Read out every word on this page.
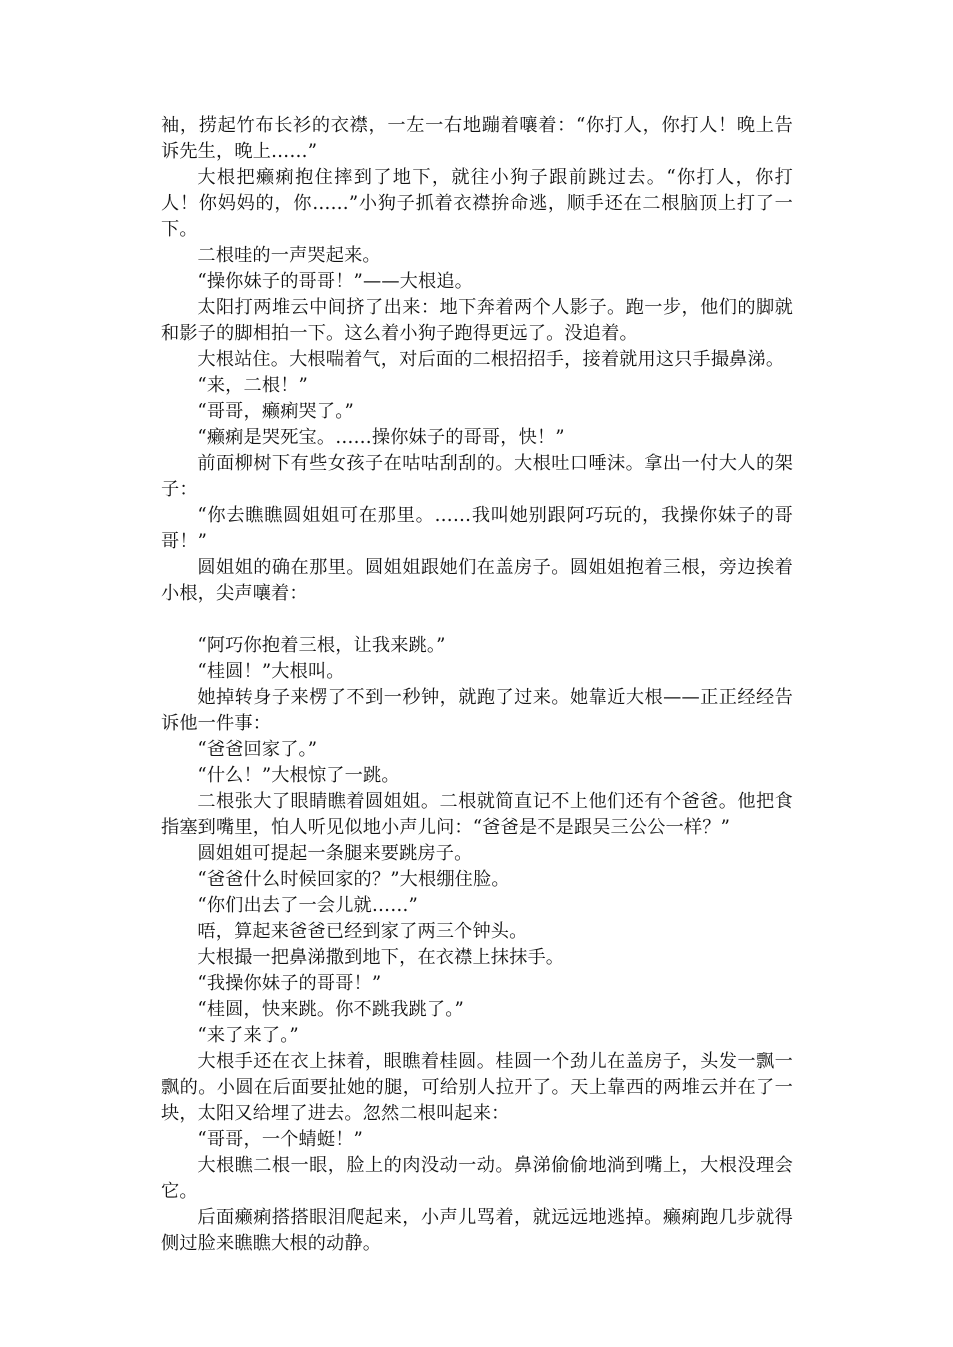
袖，捞起竹布长衫的衣襟，一左一右地蹦着嚷着：“你打人，你打人！晚上告诉先生，晚上……”

大根把癞痢抱住摔到了地下，就往小狗子跟前跳过去。“你打人，你打人！你妈妈的，你……”小狗子抓着衣襟拚命逃，顺手还在二根脑顶上打了一下。

二根哇的一声哭起来。

“操你妹子的哥哥！”——大根追。

太阳打两堆云中间挤了出来：地下奔着两个人影子。跑一步，他们的脚就和影子的脚相拍一下。这么着小狗子跑得更远了。没追着。

大根站住。大根喘着气，对后面的二根招招手，接着就用这只手撮鼻涕。

“来，二根！”

“哥哥，癞痢哭了。”

“癞痢是哭死宝。……操你妹子的哥哥，快！”

前面柳树下有些女孩子在咕咕刮刮的。大根吐口唾沫。拿出一付大人的架子：

“你去瞧瞧圆姐姐可在那里。……我叫她别跟阿巧玩的，我操你妹子的哥哥！”

圆姐姐的确在那里。圆姐姐跟她们在盖房子。圆姐姐抱着三根，旁边挨着小根，尖声嚷着：

“阿巧你抱着三根，让我来跳。”

“桂圆！”大根叫。

她掉转身子来楞了不到一秒钟，就跑了过来。她靠近大根——正正经经告诉他一件事：

“爸爸回家了。”

“什么！”大根惊了一跳。

二根张大了眼睛瞧着圆姐姐。二根就简直记不上他们还有个爸爸。他把食指塞到嘴里，怕人听见似地小声儿问：“爸爸是不是跟吴三公公一样？”

圆姐姐可提起一条腿来要跳房子。

“爸爸什么时候回家的？”大根绷住脸。

“你们出去了一会儿就……”

唔，算起来爸爸已经到家了两三个钟头。

大根撮一把鼻涕撒到地下，在衣襟上抹抹手。

“我操你妹子的哥哥！”

“桂圆，快来跳。你不跳我跳了。”

“来了来了。”

大根手还在衣上抹着，眼瞧着桂圆。桂圆一个劲儿在盖房子，头发一飘一飘的。小圆在后面要扯她的腿，可给别人拉开了。天上靠西的两堆云并在了一块，太阳又给埋了进去。忽然二根叫起来：

“哥哥，一个蜻蜓！”

大根瞧二根一眼，脸上的肉没动一动。鼻涕偷偷地淌到嘴上，大根没理会它。

后面癞痢搭搭眼泪爬起来，小声儿骂着，就远远地逃掉。癞痢跑几步就得侧过脸来瞧瞧大根的动静。
